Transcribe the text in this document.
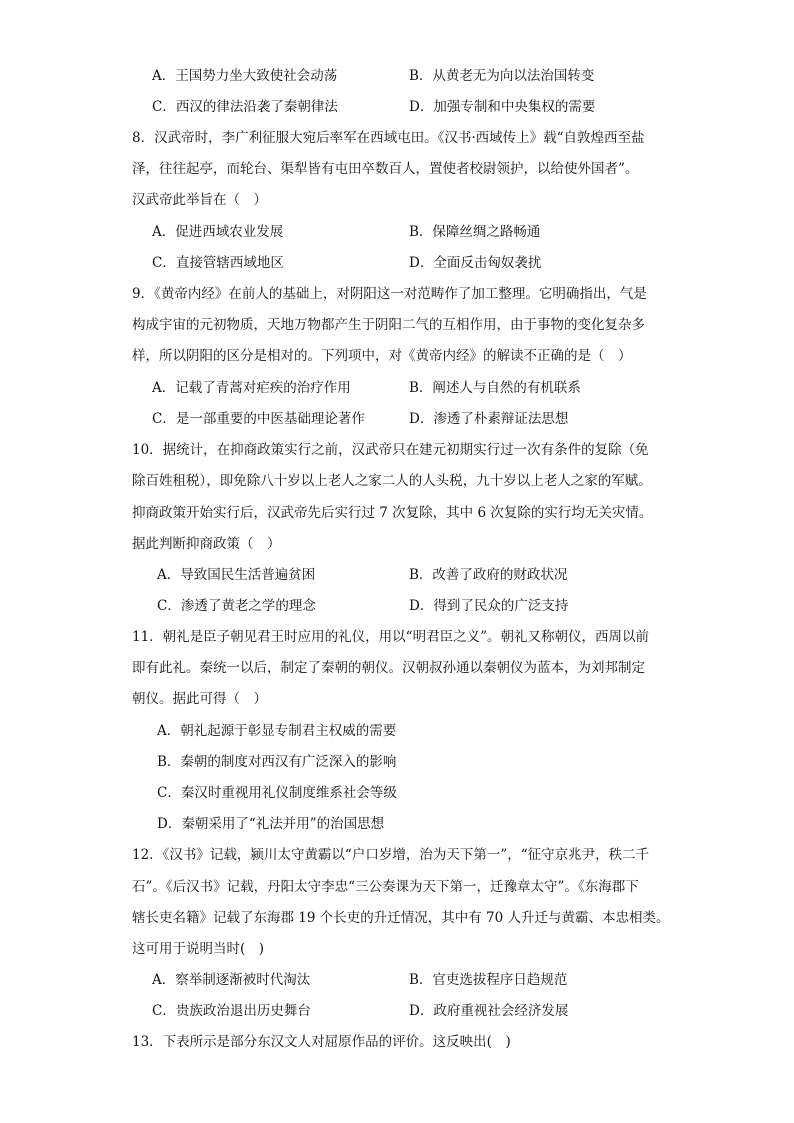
A．王国势力坐大致使社会动荡	B．从黄老无为向以法治国转变
C．西汉的律法沿袭了秦朝律法	D．加强专制和中央集权的需要
8．汉武帝时，李广利征服大宛后率军在西域屯田。《汉书·西域传上》载“自敦煌西至盐
泽，往往起亭，而轮台、渠犁皆有屯田卒数百人，置使者校尉领护，以给使外国者”。
汉武帝此举旨在（　）
A．促进西域农业发展	B．保障丝绸之路畅通
C．直接管辖西域地区	D．全面反击匈奴袭扰
9．《黄帝内经》在前人的基础上，对阴阳这一对范畴作了加工整理。它明确指出，气是
构成宇宙的元初物质，天地万物都产生于阴阳二气的互相作用，由于事物的变化复杂多
样，所以阴阳的区分是相对的。下列项中，对《黄帝内经》的解读不正确的是（　）
A．记载了青蒿对疟疾的治疗作用	B．阐述人与自然的有机联系
C．是一部重要的中医基础理论著作	D．渗透了朴素辩证法思想
10．据统计，在抑商政策实行之前，汉武帝只在建元初期实行过一次有条件的复除（免
除百姓租税），即免除八十岁以上老人之家二人的人头税，九十岁以上老人之家的军赋。
抑商政策开始实行后，汉武帝先后实行过 7 次复除，其中 6 次复除的实行均无关灾情。
据此判断抑商政策（　）
A．导致国民生活普遍贫困	B．改善了政府的财政状况
C．渗透了黄老之学的理念	D．得到了民众的广泛支持
11．朝礼是臣子朝见君王时应用的礼仪，用以“明君臣之义”。朝礼又称朝仪，西周以前
即有此礼。秦统一以后，制定了秦朝的朝仪。汉朝叔孙通以秦朝仪为蓝本，为刘邦制定
朝仪。据此可得（　）
A．朝礼起源于彰显专制君主权威的需要
B．秦朝的制度对西汉有广泛深入的影响
C．秦汉时重视用礼仪制度维系社会等级
D．秦朝采用了“礼法并用”的治国思想
12．《汉书》记载，颍川太守黄霸以“户口岁增，治为天下第一”，“征守京兆尹，秩二千
石”。《后汉书》记载，丹阳太守李忠“三公奏课为天下第一，迁豫章太守”。《东海郡下
辖长吏名籍》记载了东海郡 19 个长吏的升迁情况，其中有 70 人升迁与黄霸、本忠相类。
这可用于说明当时(　)
A．察举制逐渐被时代淘汰	B．官吏选拔程序日趋规范
C．贵族政治退出历史舞台	D．政府重视社会经济发展
13．下表所示是部分东汉文人对屈原作品的评价。这反映出(　)
